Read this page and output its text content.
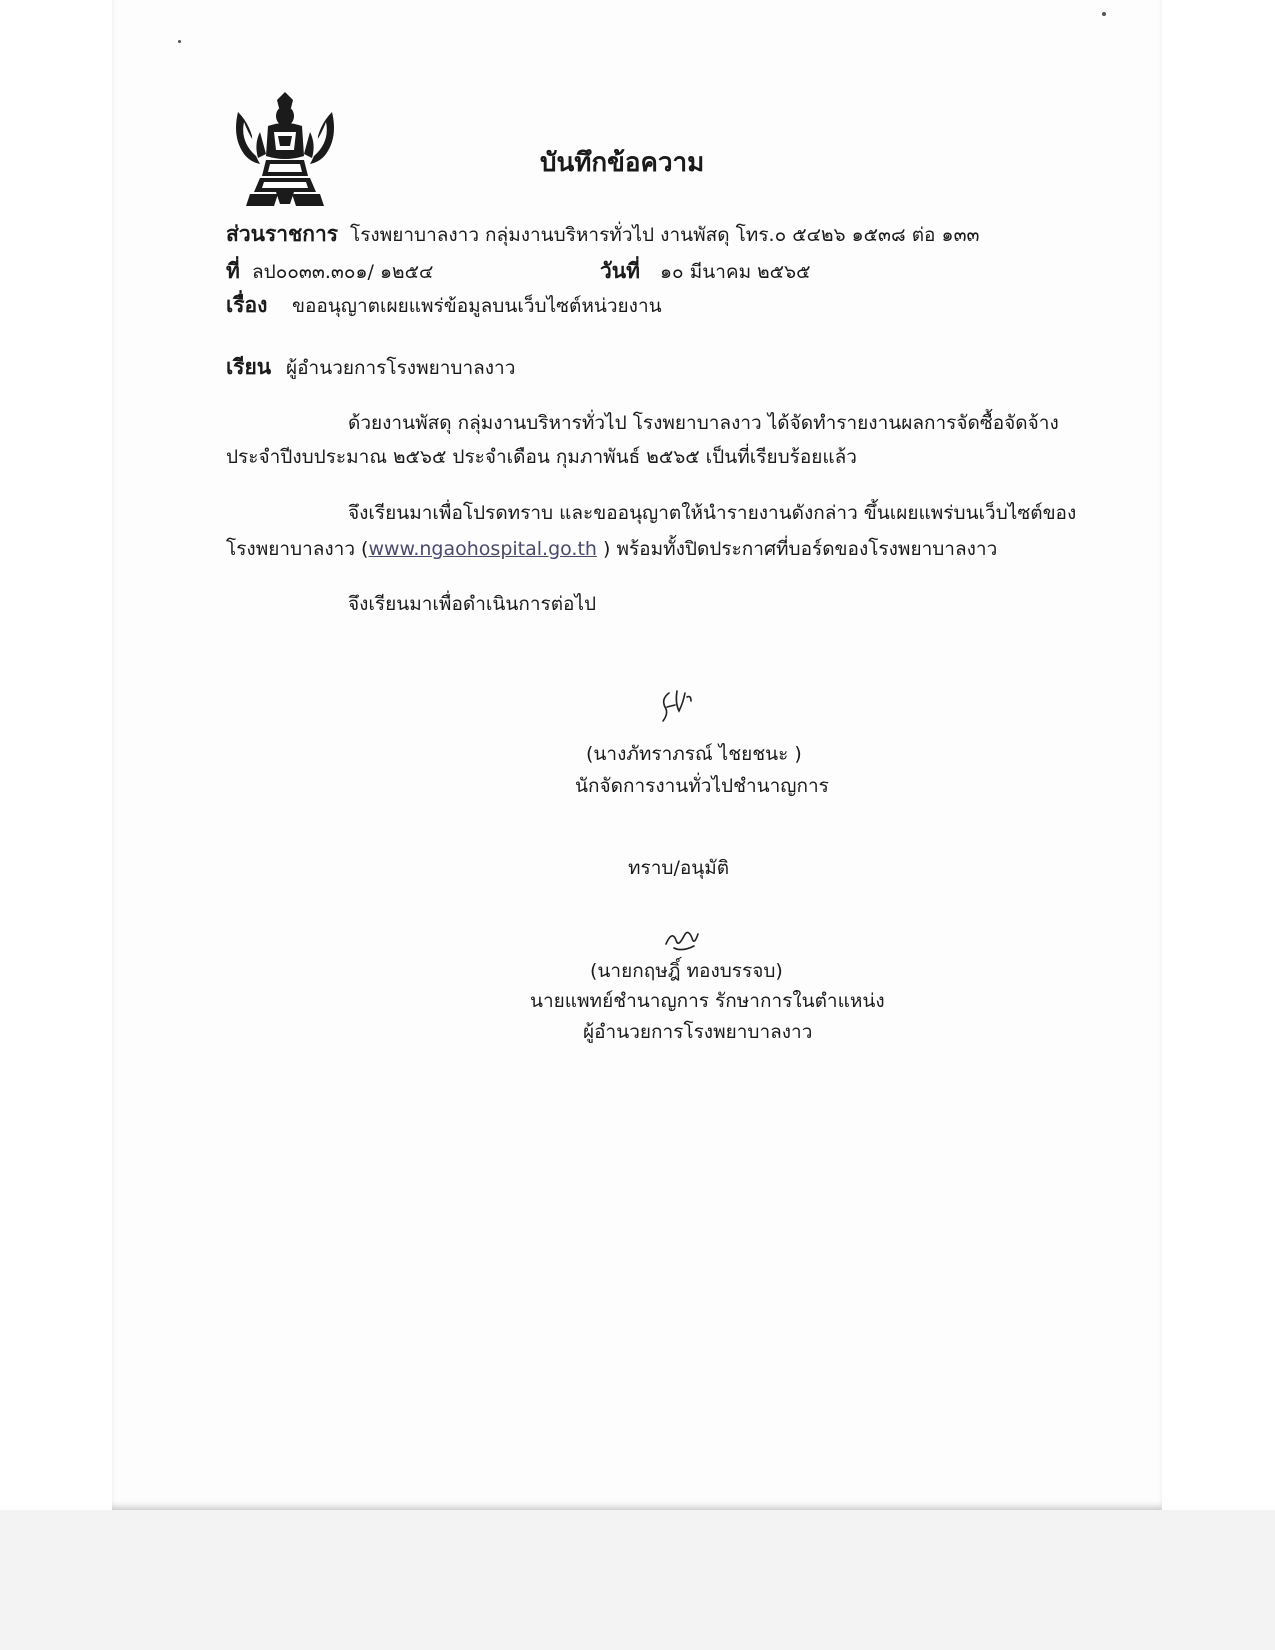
บันทึกข้อความ
ส่วนราชการ โรงพยาบาลงาว กลุ่มงานบริหารทั่วไป งานพัสดุ โทร.๐ ๕๔๒๖ ๑๕๓๘ ต่อ ๑๓๓
ที่ ลป๐๐๓๓.๓๐๑/ ๑๒๕๔	วันที่ ๑๐ มีนาคม ๒๕๖๕
เรื่อง ขออนุญาตเผยแพร่ข้อมูลบนเว็บไซต์หน่วยงาน
เรียน ผู้อำนวยการโรงพยาบาลงาว
ด้วยงานพัสดุ กลุ่มงานบริหารทั่วไป โรงพยาบาลงาว ได้จัดทำรายงานผลการจัดซื้อจัดจ้าง
ประจำปีงบประมาณ ๒๕๖๕ ประจำเดือน กุมภาพันธ์ ๒๕๖๕ เป็นที่เรียบร้อยแล้ว
จึงเรียนมาเพื่อโปรดทราบ และขออนุญาตให้นำรายงานดังกล่าว ขึ้นเผยแพร่บนเว็บไซต์ของ
โรงพยาบาลงาว (www.ngaohospital.go.th ) พร้อมทั้งปิดประกาศที่บอร์ดของโรงพยาบาลงาว
จึงเรียนมาเพื่อดำเนินการต่อไป
(นางภัทราภรณ์ ไชยชนะ )
นักจัดการงานทั่วไปชำนาญการ
ทราบ/อนุมัติ
(นายกฤษฎิ์ ทองบรรจบ)
นายแพทย์ชำนาญการ รักษาการในตำแหน่ง
ผู้อำนวยการโรงพยาบาลงาว
